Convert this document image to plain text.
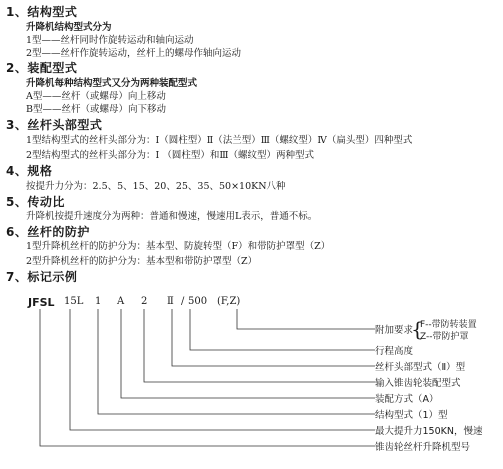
1、结构型式
升降机结构型式分为
1型——丝杆同时作旋转运动和轴向运动
2型——丝杆作旋转运动，丝杆上的螺母作轴向运动
2、装配型式
升降机每种结构型式又分为两种装配型式
A型——丝杆（或螺母）向上移动
B型——丝杆（或螺母）向下移动
3、丝杆头部型式
1型结构型式的丝杆头部分为：Ⅰ（圆柱型）Ⅱ（法兰型）Ⅲ（螺纹型）Ⅳ（扁头型）四种型式
2型结构型式的丝杆头部分为：Ⅰ （圆柱型）和Ⅲ（螺纹型）两种型式
4、规格
按提升力分为：2.5、5、15、20、25、35、50×10KN八种
5、传动比
升降机按提升速度分为两种：普通和慢速，慢速用L表示，普通不标。
6、丝杆的防护
1型升降机丝杆的防护分为：基本型、防旋转型（F）和带防护罩型（Z）
2型升降机丝杆的防护分为：基本型和带防护罩型（Z）
7、标记示例
JFSL 15L 1 A 2 Ⅱ / 500 (F,Z)
附加要求
{
F--带防转装置
Z--带防护罩
行程高度
丝杆头部型式（Ⅱ）型
输入锥齿轮装配型式
装配方式（A）
结构型式（1）型
最大提升力150KN，慢速
锥齿轮丝杆升降机型号
